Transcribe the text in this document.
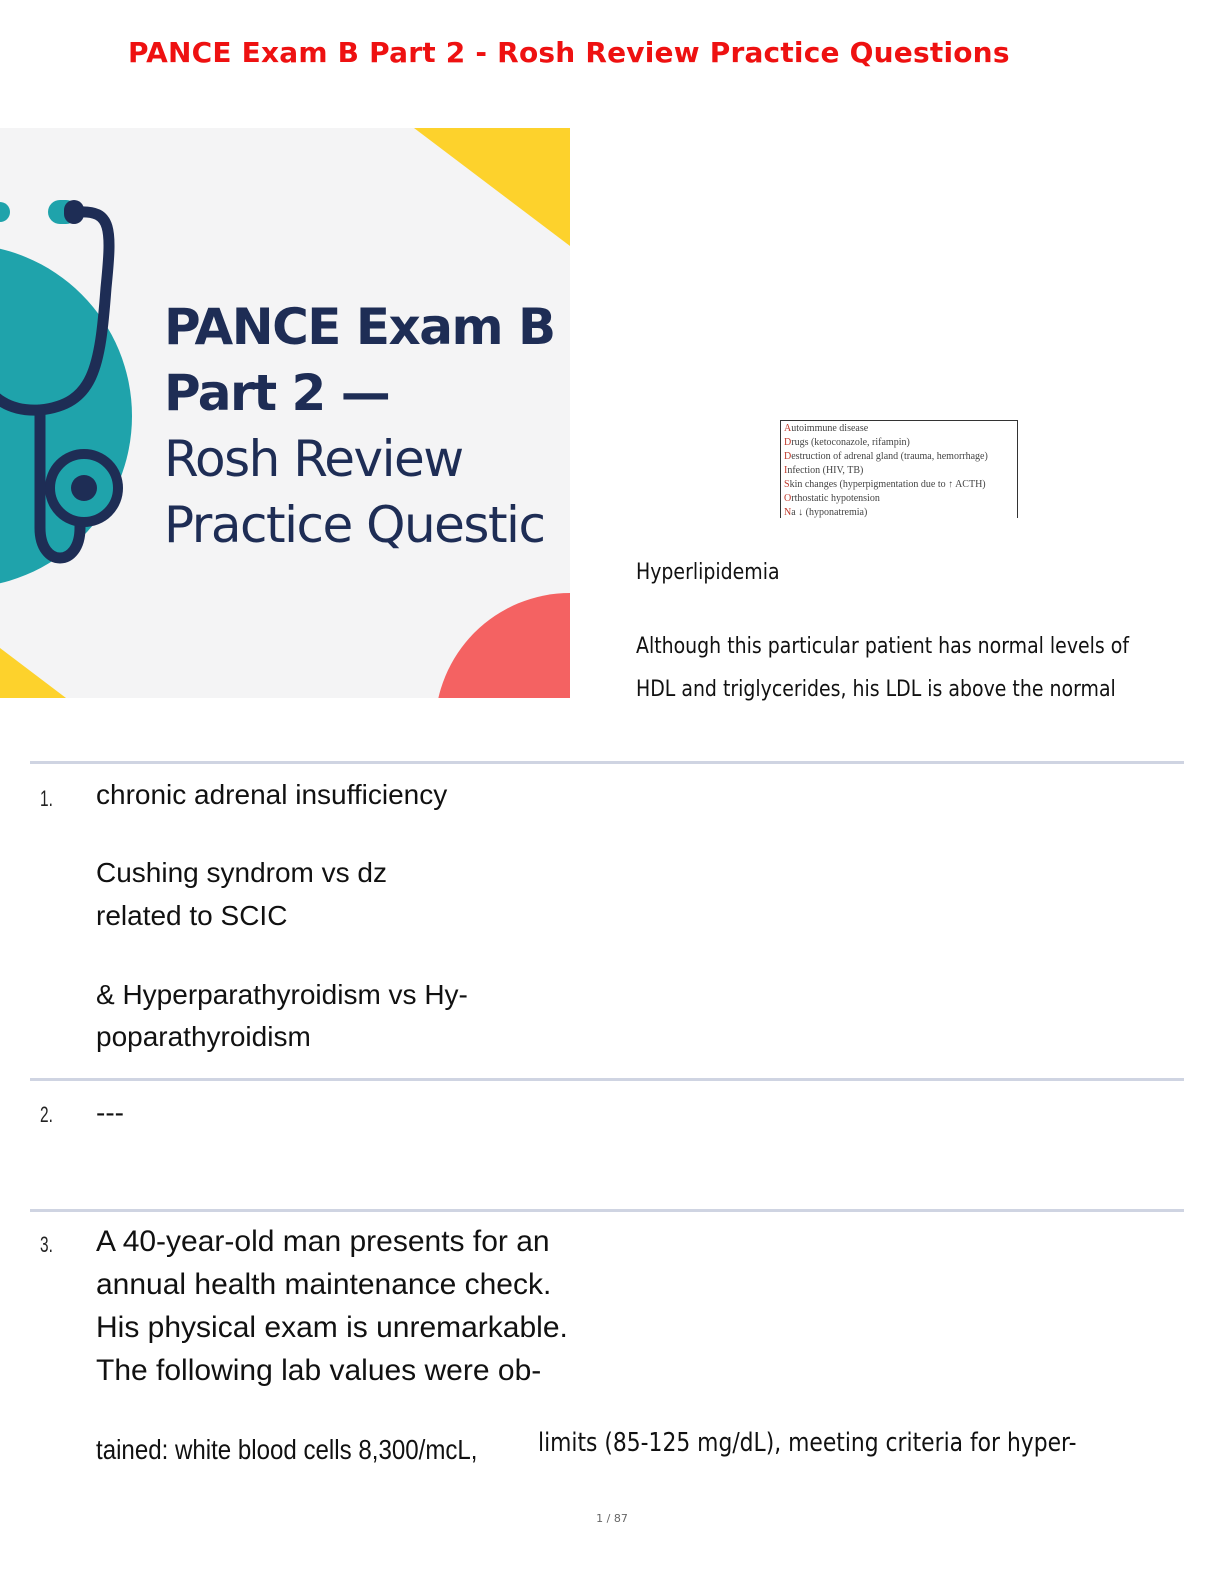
PANCE Exam B Part 2 - Rosh Review Practice Questions
PANCE Exam B
Part 2 —
Rosh Review
Practice Questic
Autoimmune disease
Drugs (ketoconazole, rifampin)
Destruction of adrenal gland (trauma, hemorrhage)
Infection (HIV, TB)
Skin changes (hyperpigmentation due to ↑ ACTH)
Orthostatic hypotension
Na ↓ (hyponatremia)
Hyperlipidemia
Although this particular patient has normal levels of
HDL and triglycerides, his LDL is above the normal
1. chronic adrenal insufficiency
Cushing syndrom vs dz
related to SCIC
& Hyperparathyroidism vs Hy-
poparathyroidism
2. ---
3. A 40-year-old man presents for an
annual health maintenance check.
His physical exam is unremarkable.
The following lab values were ob-
tained: white blood cells 8,300/mcL, limits (85-125 mg/dL), meeting criteria for hyper-
1 / 87
